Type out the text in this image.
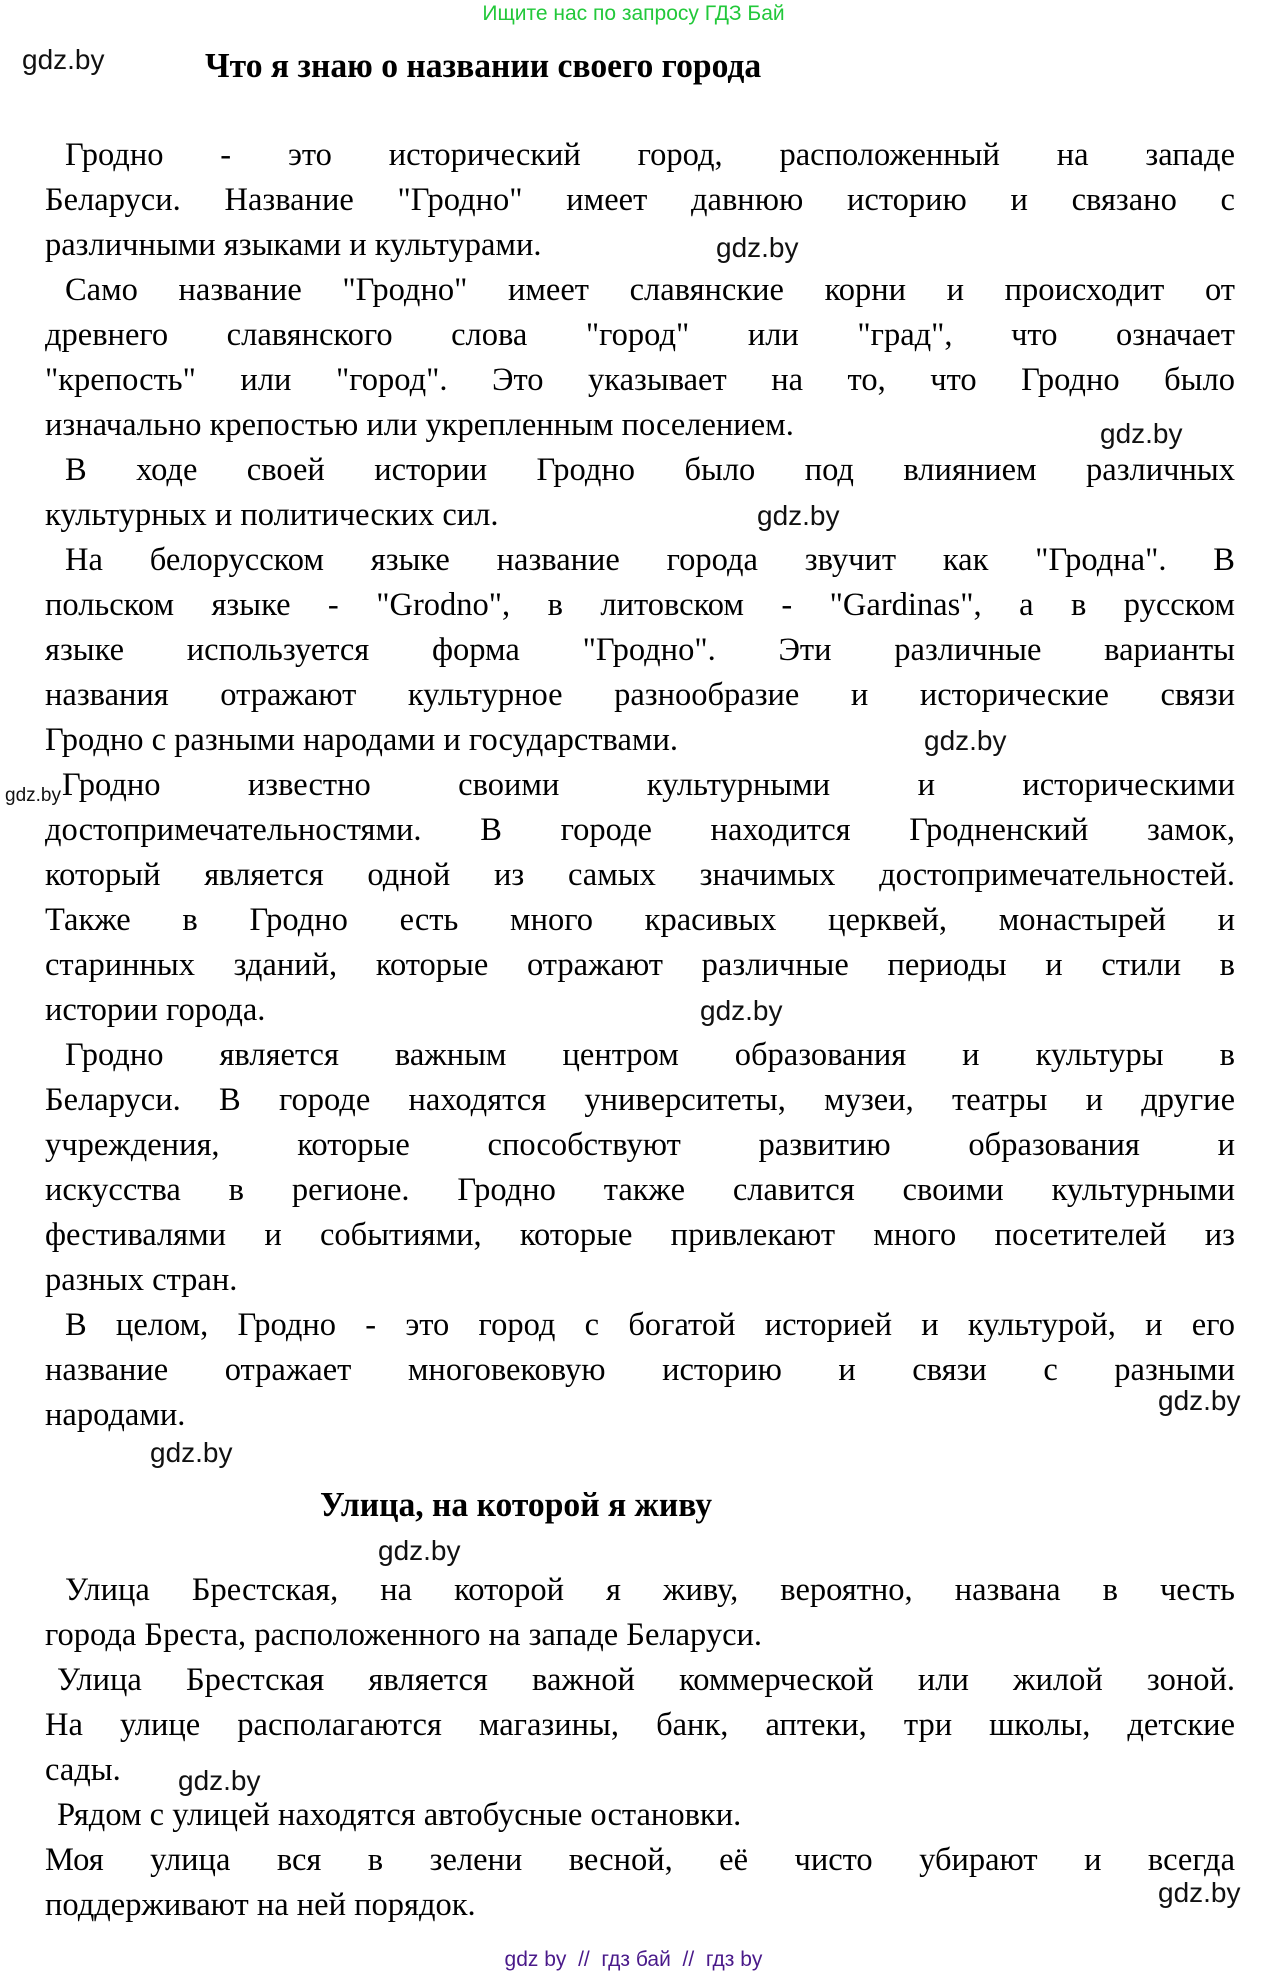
Ищите нас по запросу ГДЗ Бай
gdz.by	Что я знаю о названии своего города
Гродно - это исторический город, расположенный на западе
Беларуси. Название "Гродно" имеет давнюю историю и связано с
различными языками и культурами.	gdz.by
Само название "Гродно" имеет славянские корни и происходит от
древнего славянского слова "город" или "град", что означает
"крепость" или "город". Это указывает на то, что Гродно было
изначально крепостью или укрепленным поселением.	gdz.by
В ходе своей истории Гродно было под влиянием различных
культурных и политических сил.	gdz.by
На белорусском языке название города звучит как "Гродна". В
польском языке - "Grodno", в литовском - "Gardinas", а в русском
языке используется форма "Гродно". Эти различные варианты
названия отражают культурное разнообразие и исторические связи
Гродно с разными народами и государствами.	gdz.by
gdz.by Гродно известно своими культурными и историческими
достопримечательностями. В городе находится Гродненский замок,
который является одной из самых значимых достопримечательностей.
Также в Гродно есть много красивых церквей, монастырей и
старинных зданий, которые отражают различные периоды и стили в
истории города.	gdz.by
Гродно является важным центром образования и культуры в
Беларуси. В городе находятся университеты, музеи, театры и другие
учреждения, которые способствуют развитию образования и
искусства в регионе. Гродно также славится своими культурными
фестивалями и событиями, которые привлекают много посетителей из
разных стран.
В целом, Гродно - это город с богатой историей и культурой, и его
название отражает многовековую историю и связи с разными
народами.	gdz.by
gdz.by
Улица, на которой я живу
gdz.by
Улица Брестская, на которой я живу, вероятно, названа в честь
города Бреста, расположенного на западе Беларуси.
Улица Брестская является важной коммерческой или жилой зоной.
На улице располагаются магазины, банк, аптеки, три школы, детские
сады.	gdz.by
Рядом с улицей находятся автобусные остановки.
Моя улица вся в зелени весной, её чисто убирают и всегда
поддерживают на ней порядок.	gdz.by
gdz by  //  гдз бай  //  гдз by
